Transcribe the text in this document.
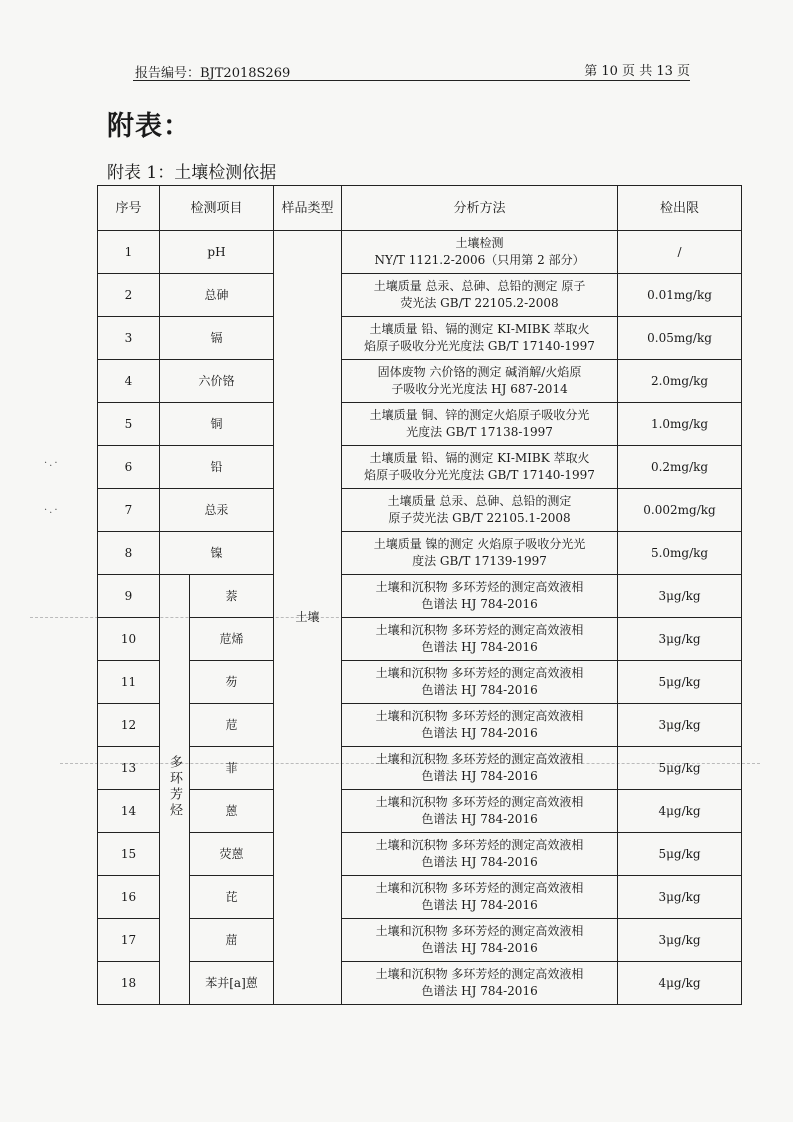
报告编号：BJT2018S269	第 10 页 共 13 页
附表：
附表 1：土壤检测依据
·.·
·.·
序号	检测项目		样品类型	分析方法	检出限
1	pH		土壤	土壤检测
NY/T 1121.2-2006（只用第 2 部分）	/
2	总砷			土壤质量 总汞、总砷、总铅的测定 原子
荧光法 GB/T 22105.2-2008	0.01mg/kg
3	镉			土壤质量 铅、镉的测定 KI-MIBK 萃取火
焰原子吸收分光光度法 GB/T 17140-1997	0.05mg/kg
4	六价铬			固体废物 六价铬的测定 碱消解/火焰原
子吸收分光光度法 HJ 687-2014	2.0mg/kg
5	铜			土壤质量 铜、锌的测定火焰原子吸收分光
光度法 GB/T 17138-1997	1.0mg/kg
6	铅			土壤质量 铅、镉的测定 KI-MIBK 萃取火
焰原子吸收分光光度法 GB/T 17140-1997	0.2mg/kg
7	总汞			土壤质量 总汞、总砷、总铅的测定
原子荧光法 GB/T 22105.1-2008	0.002mg/kg
8	镍			土壤质量 镍的测定 火焰原子吸收分光光
度法 GB/T 17139-1997	5.0mg/kg
9	多环芳烃	萘		土壤和沉积物 多环芳烃的测定高效液相
色谱法 HJ 784-2016	3μg/kg
10		苊烯		土壤和沉积物 多环芳烃的测定高效液相
色谱法 HJ 784-2016	3μg/kg
11		芴		土壤和沉积物 多环芳烃的测定高效液相
色谱法 HJ 784-2016	5μg/kg
12		苊		土壤和沉积物 多环芳烃的测定高效液相
色谱法 HJ 784-2016	3μg/kg
13		菲		土壤和沉积物 多环芳烃的测定高效液相
色谱法 HJ 784-2016	5μg/kg
14		蒽		土壤和沉积物 多环芳烃的测定高效液相
色谱法 HJ 784-2016	4μg/kg
15		荧蒽		土壤和沉积物 多环芳烃的测定高效液相
色谱法 HJ 784-2016	5μg/kg
16		芘		土壤和沉积物 多环芳烃的测定高效液相
色谱法 HJ 784-2016	3μg/kg
17		䓛		土壤和沉积物 多环芳烃的测定高效液相
色谱法 HJ 784-2016	3μg/kg
18		苯并[a]蒽		土壤和沉积物 多环芳烃的测定高效液相
色谱法 HJ 784-2016	4μg/kg
